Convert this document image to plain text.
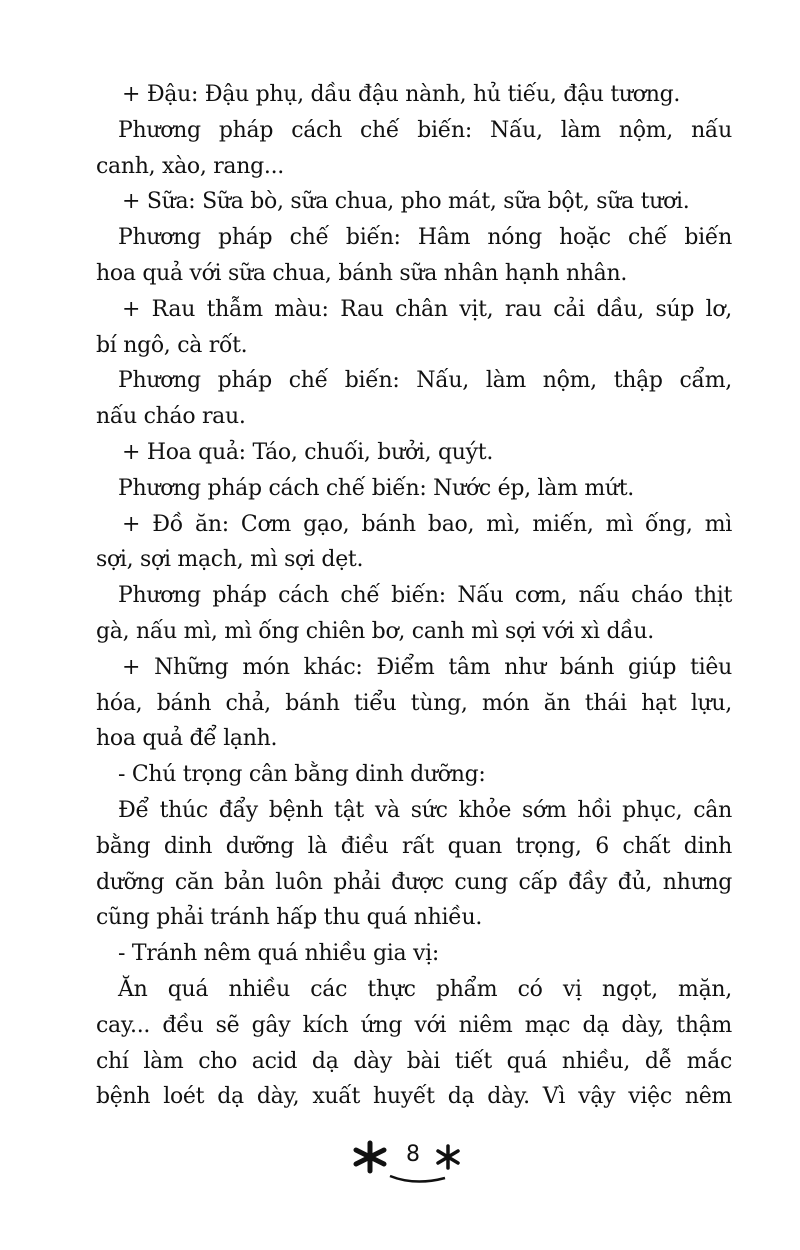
+ Đậu: Đậu phụ, dầu đậu nành, hủ tiếu, đậu tương.
Phương pháp cách chế biến: Nấu, làm nộm, nấu
canh, xào, rang...
+ Sữa: Sữa bò, sữa chua, pho mát, sữa bột, sữa tươi.
Phương pháp chế biến: Hâm nóng hoặc chế biến
hoa quả với sữa chua, bánh sữa nhân hạnh nhân.
+ Rau thẫm màu: Rau chân vịt, rau cải dầu, súp lơ,
bí ngô, cà rốt.
Phương pháp chế biến: Nấu, làm nộm, thập cẩm,
nấu cháo rau.
+ Hoa quả: Táo, chuối, bưởi, quýt.
Phương pháp cách chế biến: Nước ép, làm mứt.
+ Đồ ăn: Cơm gạo, bánh bao, mì, miến, mì ống, mì
sợi, sợi mạch, mì sợi dẹt.
Phương pháp cách chế biến: Nấu cơm, nấu cháo thịt
gà, nấu mì, mì ống chiên bơ, canh mì sợi với xì dầu.
+ Những món khác: Điểm tâm như bánh giúp tiêu
hóa, bánh chả, bánh tiểu tùng, món ăn thái hạt lựu,
hoa quả để lạnh.
- Chú trọng cân bằng dinh dưỡng:
Để thúc đẩy bệnh tật và sức khỏe sớm hồi phục, cân
bằng dinh dưỡng là điều rất quan trọng, 6 chất dinh
dưỡng căn bản luôn phải được cung cấp đầy đủ, nhưng
cũng phải tránh hấp thu quá nhiều.
- Tránh nêm quá nhiều gia vị:
Ăn quá nhiều các thực phẩm có vị ngọt, mặn,
cay... đều sẽ gây kích ứng với niêm mạc dạ dày, thậm
chí làm cho acid dạ dày bài tiết quá nhiều, dễ mắc
bệnh loét dạ dày, xuất huyết dạ dày. Vì vậy việc nêm
8
